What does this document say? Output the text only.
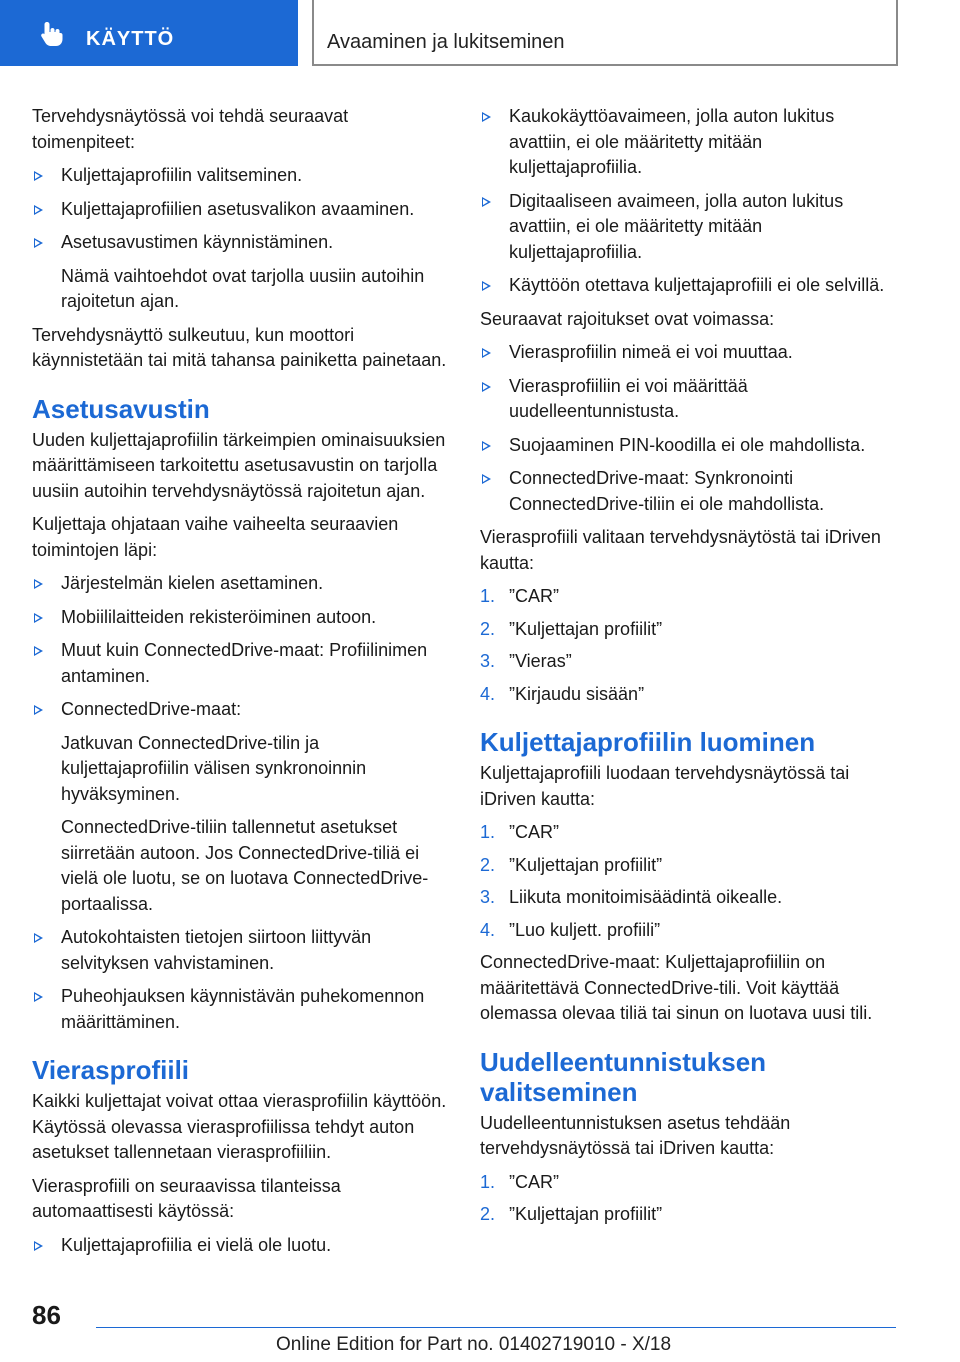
KÄYTTÖ	Avaaminen ja lukitseminen

Tervehdysnäytössä voi tehdä seuraavat toimenpiteet:

Kuljettajaprofiilin valitseminen.
Kuljettajaprofiilien asetusvalikon avaaminen.
Asetusavustimen käynnistäminen.

Nämä vaihtoehdot ovat tarjolla uusiin autoihin rajoitetun ajan.

Tervehdysnäyttö sulkeutuu, kun moottori käynnistetään tai mitä tahansa painiketta painetaan.

Asetusavustin

Uuden kuljettajaprofiilin tärkeimpien ominaisuuksien määrittämiseen tarkoitettu asetusavustin on tarjolla uusiin autoihin tervehdysnäytössä rajoitetun ajan.

Kuljettaja ohjataan vaihe vaiheelta seuraavien toimintojen läpi:

Järjestelmän kielen asettaminen.
Mobiililaitteiden rekisteröiminen autoon.
Muut kuin ConnectedDrive-maat: Profiilinimen antaminen.
ConnectedDrive-maat:

Jatkuvan ConnectedDrive-tilin ja kuljettajaprofiilin välisen synkronoinnin hyväksyminen.

ConnectedDrive-tiliin tallennetut asetukset siirretään autoon. Jos ConnectedDrive-tiliä ei vielä ole luotu, se on luotava ConnectedDrive-portaalissa.

Autokohtaisten tietojen siirtoon liittyvän selvityksen vahvistaminen.
Puheohjauksen käynnistävän puhekomennon määrittäminen.
Vierasprofiili

Kaikki kuljettajat voivat ottaa vierasprofiilin käyttöön. Käytössä olevassa vierasprofiilissa tehdyt auton asetukset tallennetaan vierasprofiiliin.

Vierasprofiili on seuraavissa tilanteissa automaattisesti käytössä:

Kuljettajaprofiilia ei vielä ole luotu.
Kaukokäyttöavaimeen, jolla auton lukitus avattiin, ei ole määritetty mitään kuljettajaprofiilia.
Digitaaliseen avaimeen, jolla auton lukitus avattiin, ei ole määritetty mitään kuljettajaprofiilia.
Käyttöön otettava kuljettajaprofiili ei ole selvillä.

Seuraavat rajoitukset ovat voimassa:

Vierasprofiilin nimeä ei voi muuttaa.
Vierasprofiiliin ei voi määrittää uudelleentunnistusta.
Suojaaminen PIN-koodilla ei ole mahdollista.
ConnectedDrive-maat: Synkronointi ConnectedDrive-tiliin ei ole mahdollista.

Vierasprofiili valitaan tervehdysnäytöstä tai iDriven kautta:

1. ”CAR”
2. ”Kuljettajan profiilit”
3. ”Vieras”
4. ”Kirjaudu sisään”
Kuljettajaprofiilin luominen

Kuljettajaprofiili luodaan tervehdysnäytössä tai iDriven kautta:

1. ”CAR”
2. ”Kuljettajan profiilit”
3. Liikuta monitoimisäädintä oikealle.
4. ”Luo kuljett. profiili”

ConnectedDrive-maat: Kuljettajaprofiiliin on määritettävä ConnectedDrive-tili. Voit käyttää olemassa olevaa tiliä tai sinun on luotava uusi tili.

Uudelleentunnistuksen valitseminen

Uudelleentunnistuksen asetus tehdään tervehdysnäytössä tai iDriven kautta:

1. ”CAR”
2. ”Kuljettajan profiilit”
86
Online Edition for Part no. 01402719010 - X/18
